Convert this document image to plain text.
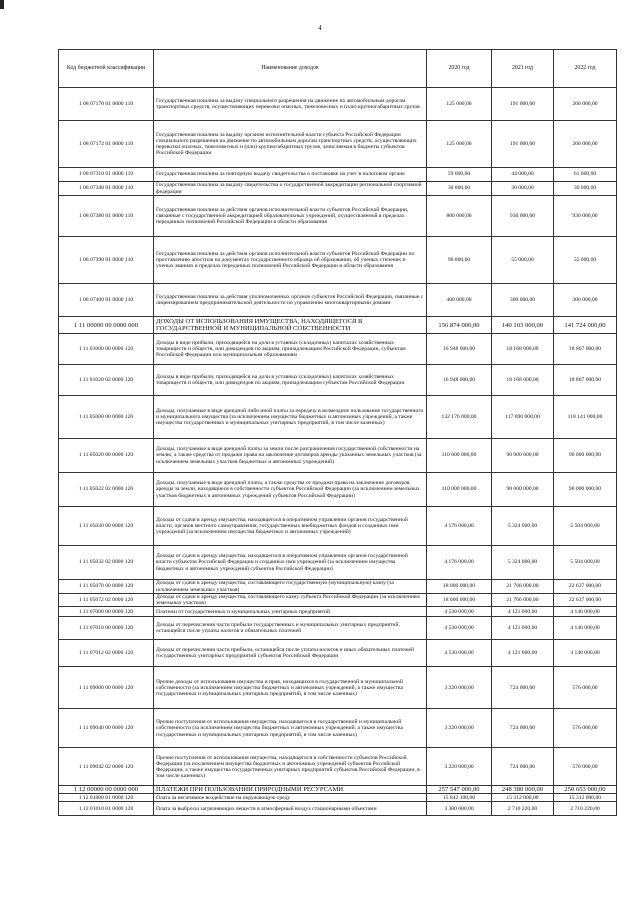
4
Код бюджетной классификации	Наименование доходов	2020 год	2021 год	2022 год
1 08 07170 01 0000 110	Государственная пошлина за выдачу специального разрешения на движение по автомобильным дорогам транспортных средств, осуществляющих перевозки опасных, тяжеловесных и (или) крупногабаритных грузов	125 000,00	191 000,00	200 000,00
1 08 07172 01 0000 110	Государственная пошлина за выдачу органом исполнительной власти субъекта Российской Федерации специального разрешения на движение по автомобильным дорогам транспортных средств, осуществляющих перевозки опасных, тяжеловесных и (или) крупногабаритных грузов, зачисляемая в бюджеты субъектов Российской Федерации	125 000,00	191 000,00	200 000,00
1 08 07310 01 0000 110	Государственная пошлина за повторную выдачу свидетельства о постановке на учет в налоговом органе	59 000,00	44 000,00	61 000,00
1 08 07340 01 0000 110	Государственная пошлина за выдачу свидетельства о государственной аккредитации региональной спортивной федерации	30 000,00	30 000,00	30 000,00
1 08 07380 01 0000 110	Государственная пошлина за действия органов исполнительной власти субъектов Российской Федерации, связанные с государственной аккредитацией образовательных учреждений, осуществляемой в пределах переданных полномочий Российской Федерации в области образования	800 000,00	930 000,00	930 000,00
1 08 07390 01 0000 110	Государственная пошлина за действия органов исполнительной власти субъектов Российской Федерации по проставлению апостиля на документах государственного образца об образовании, об ученых степенях и ученых званиях в пределах переданных полномочий Российской Федерации в области образования	90 000,00	55 000,00	55 000,00
1 08 07400 01 0000 110	Государственная пошлина за действия уполномоченных органов субъектов Российской Федерации, связанные с лицензированием предпринимательской деятельности по управлению многоквартирными домами	400 000,00	300 000,00	300 000,00
1 11 00000 00 0000 000	ДОХОДЫ ОТ ИСПОЛЬЗОВАНИЯ ИМУЩЕСТВА, НАХОДЯЩЕГОСЯ В ГОСУДАРСТВЕННОЙ И МУНИЦИПАЛЬНОЙ СОБСТВЕННОСТИ	156 874 000,00	140 103 000,00	141 724 000,00
1 11 01000 00 0000 120	Доходы в виде прибыли, приходящейся на доли в уставных (складочных) капиталах хозяйственных товариществ и обществ, или дивидендов по акциям, принадлежащим Российской Федерации, субъектам Российской Федерации или муниципальным образованиям	16 948 000,00	18 168 000,00	18 867 000,00
1 11 01020 02 0000 120	Доходы в виде прибыли, приходящейся на доли в уставных (складочных) капиталах хозяйственных товариществ и обществ, или дивидендов по акциям, принадлежащим субъектам Российской Федерации	16 948 000,00	18 168 000,00	18 867 000,00
1 11 05000 00 0000 120	Доходы, получаемые в виде арендной либо иной платы за передачу в возмездное пользование государственного и муниципального имущества (за исключением имущества бюджетных и автономных учреждений, а также имущества государственных и муниципальных унитарных предприятий, в том числе казенных)	132 176 000,00	117 090 000,00	118 141 000,00
1 11 05020 00 0000 120	Доходы, получаемые в виде арендной платы за земли после разграничения государственной собственности на землю, а также средства от продажи права на заключение договоров аренды указанных земельных участков (за исключением земельных участков бюджетных и автономных учреждений)	110 000 000,00	90 000 000,00	90 000 000,00
1 11 05022 02 0000 120	Доходы, получаемые в виде арендной платы, а также средства от продажи права на заключение договоров аренды за земли, находящиеся в собственности субъектов Российской Федерации (за исключением земельных участков бюджетных и автономных учреждений субъектов Российской Федерации)	110 000 000,00	90 000 000,00	90 000 000,00
1 11 05030 00 0000 120	Доходы от сдачи в аренду имущества, находящегося в оперативном управлении органов государственной власти, органов местного самоуправления, государственных внебюджетных фондов и созданных ими учреждений (за исключением имущества бюджетных и автономных учреждений)	4 176 000,00	5 324 000,00	5 504 000,00
1 11 05032 02 0000 120	Доходы от сдачи в аренду имущества, находящегося в оперативном управлении органов государственной власти субъектов Российской Федерации и созданных ими учреждений (за исключением имущества бюджетных и автономных учреждений субъектов Российской Федерации)	4 176 000,00	5 324 000,00	5 504 000,00
1 11 05070 00 0000 120	Доходы от сдачи в аренду имущества, составляющего государственную (муниципальную) казну (за исключением земельных участков)	18 000 000,00	21 766 000,00	22 637 000,00
1 11 05072 02 0000 120	Доходы от сдачи в аренду имущества, составляющего казну субъекта Российской Федерации (за исключением земельных участков)	18 000 000,00	21 766 000,00	22 637 000,00
1 11 07000 00 0000 120	Платежи от государственных и муниципальных унитарных предприятий	4 530 000,00	4 121 000,00	4 140 000,00
1 11 07010 00 0000 120	Доходы от перечисления части прибыли государственных и муниципальных унитарных предприятий, остающейся после уплаты налогов и обязательных платежей	4 530 000,00	4 121 000,00	4 140 000,00
1 11 07012 02 0000 120	Доходы от перечисления части прибыли, остающейся после уплаты налогов и иных обязательных платежей государственных унитарных предприятий субъектов Российской Федерации	4 530 000,00	4 121 000,00	4 140 000,00
1 11 09000 00 0000 120	Прочие доходы от использования имущества и прав, находящихся в государственной и муниципальной собственности (за исключением имущества бюджетных и автономных учреждений, а также имущества государственных и муниципальных унитарных предприятий, в том числе казенных)	3 220 000,00	724 000,00	576 000,00
1 11 09040 00 0000 120	Прочие поступления от использования имущества, находящегося в государственной и муниципальной собственности (за исключением имущества бюджетных и автономных учреждений, а также имущества государственных и муниципальных унитарных предприятий, в том числе казенных)	3 220 000,00	724 000,00	576 000,00
1 11 09042 02 0000 120	Прочие поступления от использования имущества, находящегося в собственности субъектов Российской Федерации (за исключением имущества бюджетных и автономных учреждений субъектов Российской Федерации, а также имущества государственных унитарных предприятий субъектов Российской Федерации, в том числе казенных)	3 220 000,00	724 000,00	576 000,00
1 12 00000 00 0000 000	ПЛАТЕЖИ ПРИ ПОЛЬЗОВАНИИ ПРИРОДНЫМИ РЕСУРСАМИ	257 547 000,00	248 380 000,00	250 653 000,00
1 12 01000 01 0000 120	Плата за негативное воздействие на окружающую среду	15 842 100,00	15 312 000,00	15 312 000,00
1 12 01010 01 0000 120	Плата за выбросы загрязняющих веществ в атмосферный воздух стационарными объектами	3 300 000,00	2 710 220,00	2 710 220,00
